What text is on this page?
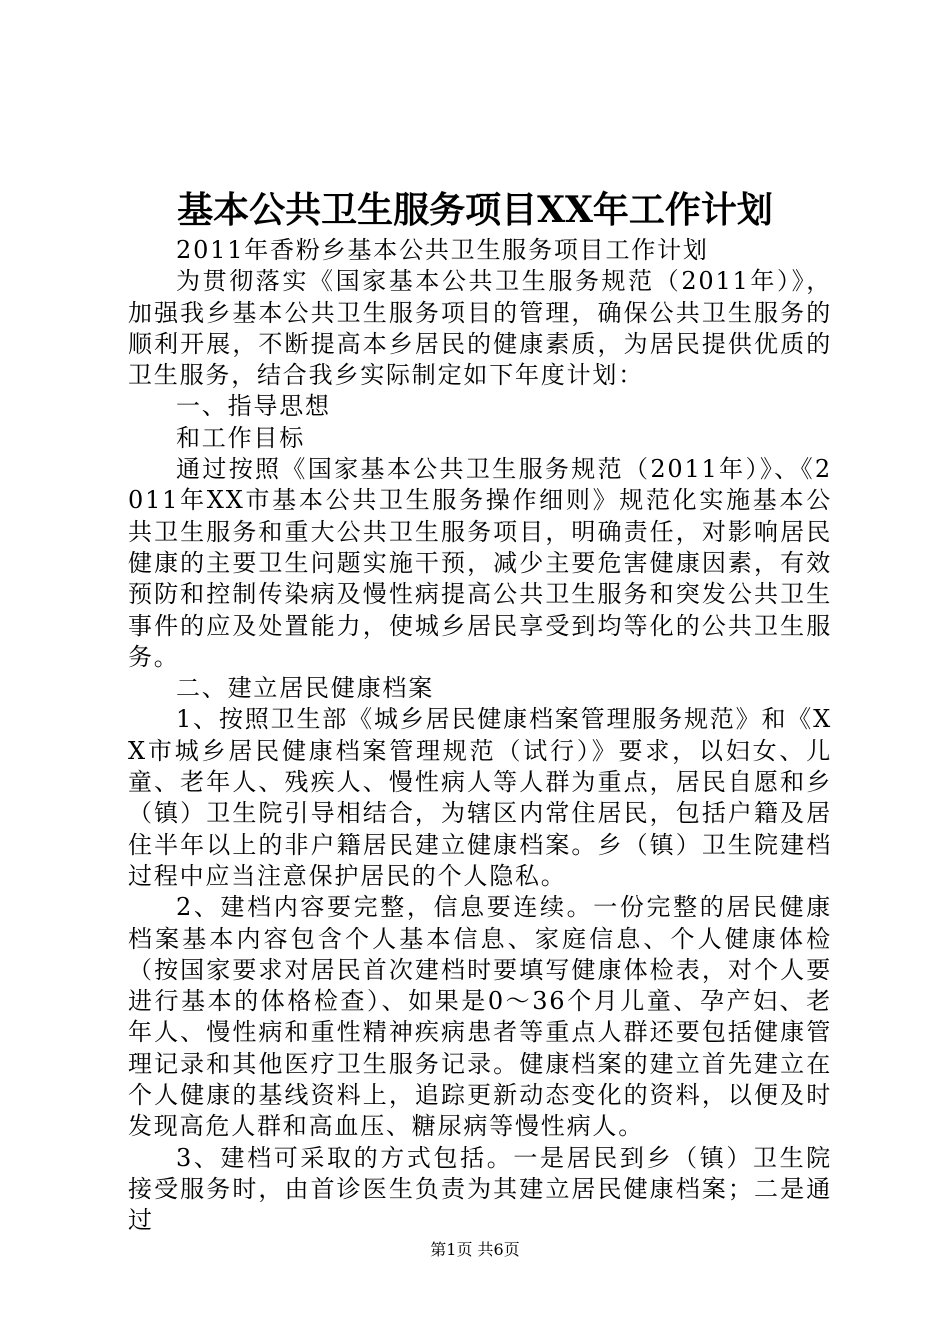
基本公共卫生服务项目XX年工作计划

2011年香粉乡基本公共卫生服务项目工作计划

为贯彻落实《国家基本公共卫生服务规范（2011年）》，加强我乡基本公共卫生服务项目的管理，确保公共卫生服务的顺利开展，不断提高本乡居民的健康素质，为居民提供优质的卫生服务，结合我乡实际制定如下年度计划：

一、指导思想

和工作目标

通过按照《国家基本公共卫生服务规范（2011年）》、《2011年XX市基本公共卫生服务操作细则》规范化实施基本公共卫生服务和重大公共卫生服务项目，明确责任，对影响居民健康的主要卫生问题实施干预，减少主要危害健康因素，有效预防和控制传染病及慢性病提高公共卫生服务和突发公共卫生事件的应及处置能力，使城乡居民享受到均等化的公共卫生服务。

二、建立居民健康档案

1、按照卫生部《城乡居民健康档案管理服务规范》和《XX市城乡居民健康档案管理规范（试行）》要求，以妇女、儿童、老年人、残疾人、慢性病人等人群为重点，居民自愿和乡（镇）卫生院引导相结合，为辖区内常住居民，包括户籍及居住半年以上的非户籍居民建立健康档案。乡（镇）卫生院建档过程中应当注意保护居民的个人隐私。

2、建档内容要完整，信息要连续。一份完整的居民健康档案基本内容包含个人基本信息、家庭信息、个人健康体检（按国家要求对居民首次建档时要填写健康体检表，对个人要进行基本的体格检查）、如果是0～36个月儿童、孕产妇、老年人、慢性病和重性精神疾病患者等重点人群还要包括健康管理记录和其他医疗卫生服务记录。健康档案的建立首先建立在个人健康的基线资料上，追踪更新动态变化的资料，以便及时发现高危人群和高血压、糖尿病等慢性病人。

3、建档可采取的方式包括。一是居民到乡（镇）卫生院接受服务时，由首诊医生负责为其建立居民健康档案；二是通过

第1页 共6页
